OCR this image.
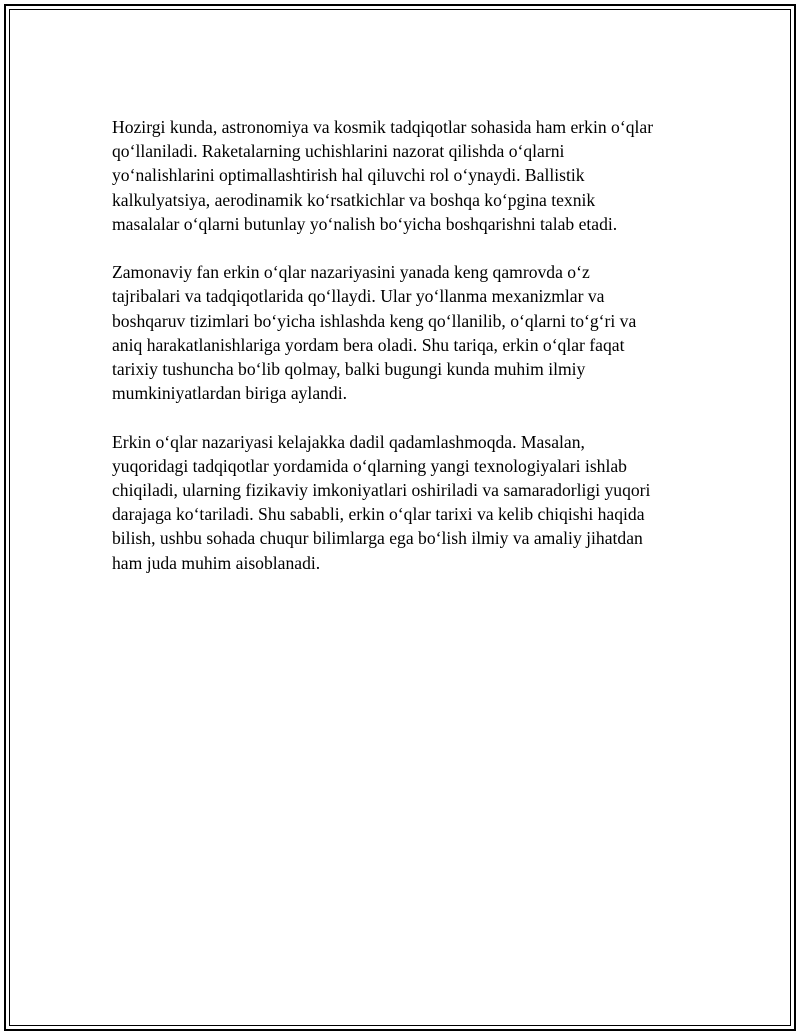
Hozirgi kunda, astronomiya va kosmik tadqiqotlar sohasida ham erkin oʻqlar
qoʻllaniladi. Raketalarning uchishlarini nazorat qilishda oʻqlarni
yoʻnalishlarini optimallashtirish hal qiluvchi rol oʻynaydi. Ballistik
kalkulyatsiya, aerodinamik koʻrsatkichlar va boshqa koʻpgina texnik
masalalar oʻqlarni butunlay yoʻnalish boʻyicha boshqarishni talab etadi.

Zamonaviy fan erkin oʻqlar nazariyasini yanada keng qamrovda oʻz
tajribalari va tadqiqotlarida qoʻllaydi. Ular yoʻllanma mexanizmlar va
boshqaruv tizimlari boʻyicha ishlashda keng qoʻllanilib, oʻqlarni toʻgʻri va
aniq harakatlanishlariga yordam bera oladi. Shu tariqa, erkin oʻqlar faqat
tarixiy tushuncha boʻlib qolmay, balki bugungi kunda muhim ilmiy
mumkiniyatlardan biriga aylandi.

Erkin oʻqlar nazariyasi kelajakka dadil qadamlashmoqda. Masalan,
yuqoridagi tadqiqotlar yordamida oʻqlarning yangi texnologiyalari ishlab
chiqiladi, ularning fizikaviy imkoniyatlari oshiriladi va samaradorligi yuqori
darajaga koʻtariladi. Shu sababli, erkin oʻqlar tarixi va kelib chiqishi haqida
bilish, ushbu sohada chuqur bilimlarga ega boʻlish ilmiy va amaliy jihatdan
ham juda muhim aisoblanadi.
